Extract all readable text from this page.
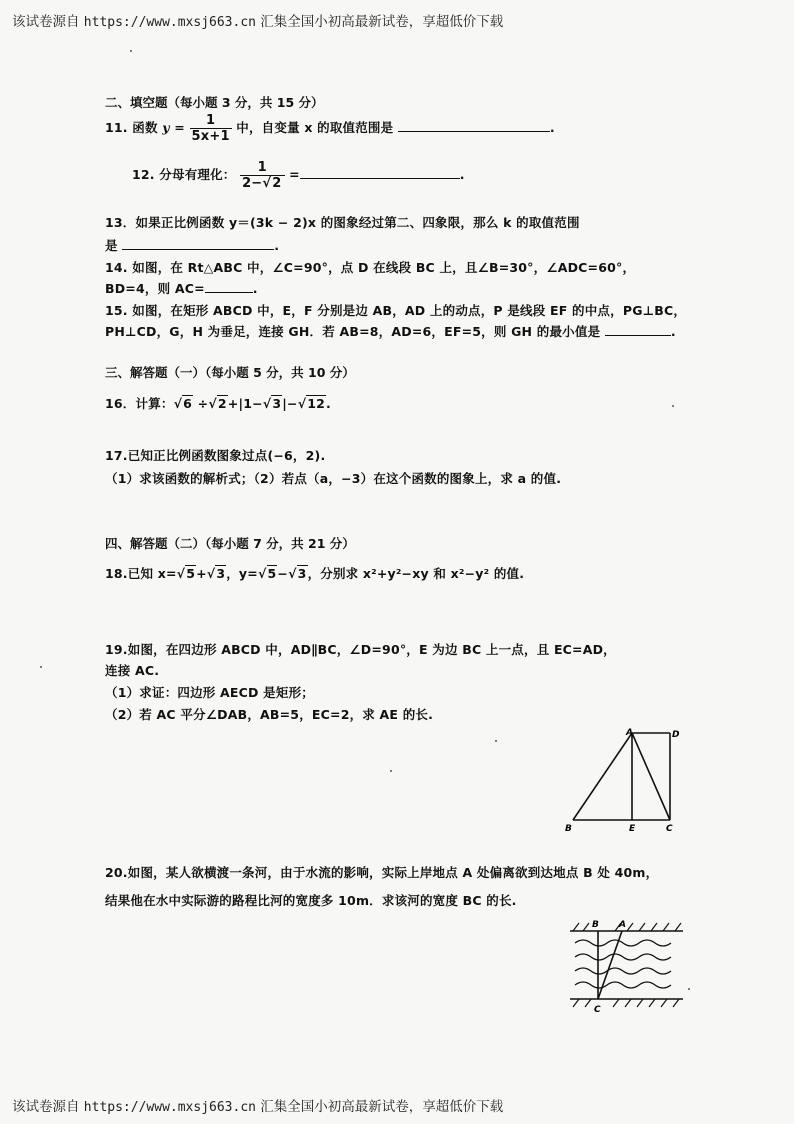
该试卷源自 https://www.mxsj663.cn 汇集全国小初高最新试卷，享超低价下载
二、填空题（每小题 3 分，共 15 分）
11. 函数 $y = \frac{1}{5x+1}$ 中，自变量 x 的取值范围是	.
12. 分母有理化： $\frac{1}{2-√2}$ =	.
13．如果正比例函数 y＝(3k − 2)x 的图象经过第二、四象限，那么 k 的取值范围
是	.
14. 如图，在 Rt△ABC 中，∠C=90°，点 D 在线段 BC 上，且∠B=30°，∠ADC=60°，
BD=4，则 AC=	.
15. 如图，在矩形 ABCD 中，E，F 分别是边 AB，AD 上的动点，P 是线段 EF 的中点，PG⊥BC，
PH⊥CD，G，H 为垂足，连接 GH．若 AB=8，AD=6，EF=5，则 GH 的最小值是	.
三、解答题（一）（每小题 5 分，共 10 分）
16．计算：√6 ÷√2+|1−√3|−√12.
17.已知正比例函数图象过点(−6，2).
（1）求该函数的解析式；（2）若点（a，−3）在这个函数的图象上，求 a 的值.
四、解答题（二）（每小题 7 分，共 21 分）
18.已知 x=√5+√3，y=√5−√3，分别求 x²+y²−xy 和 x²−y² 的值.
19.如图，在四边形 ABCD 中，AD∥BC，∠D=90°，E 为边 BC 上一点，且 EC=AD，
连接 AC.
（1）求证：四边形 AECD 是矩形；
（2）若 AC 平分∠DAB，AB=5，EC=2，求 AE 的长.
A	D
B	E	C
20.如图，某人欲横渡一条河，由于水流的影响，实际上岸地点 A 处偏离欲到达地点 B 处 40m，
结果他在水中实际游的路程比河的宽度多 10m．求该河的宽度 BC 的长.
B A
C
该试卷源自 https://www.mxsj663.cn 汇集全国小初高最新试卷，享超低价下载
